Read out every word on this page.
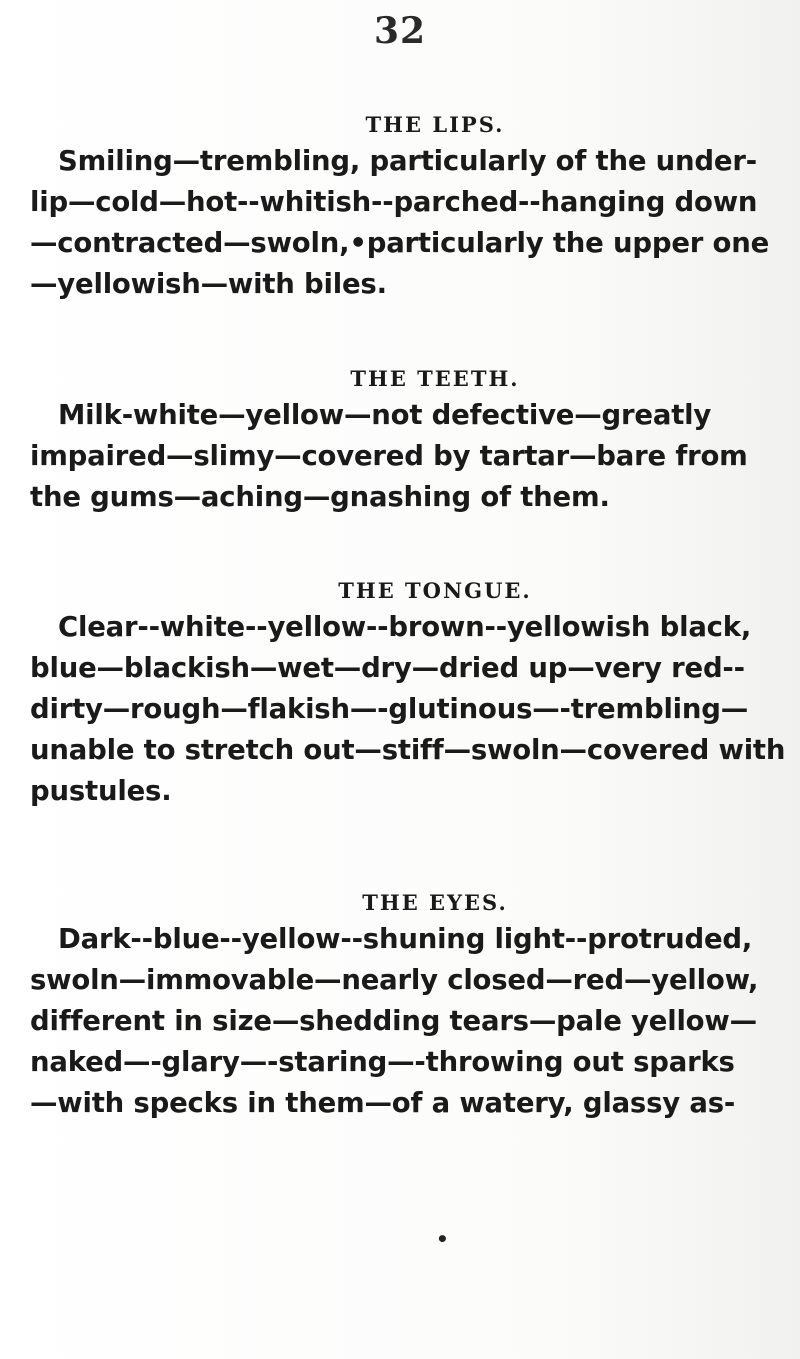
32
THE LIPS.
Smiling—trembling, particularly of the under-
lip—cold—hot--whitish--parched--hanging down
—contracted—swoln,•particularly the upper one
—yellowish—with biles.
THE TEETH.
Milk-white—yellow—not defective—greatly
impaired—slimy—covered by tartar—bare from
the gums—aching—gnashing of them.
THE TONGUE.
Clear--white--yellow--brown--yellowish black,
blue—blackish—wet—dry—dried up—very red--
dirty—rough—flakish—-glutinous—-trembling—
unable to stretch out—stiff—swoln—covered with
pustules.
THE EYES.
Dark--blue--yellow--shuning light--protruded,
swoln—immovable—nearly closed—red—yellow,
different in size—shedding tears—pale yellow—
naked—-glary—-staring—-throwing out sparks
—with specks in them—of a watery, glassy as-
•
